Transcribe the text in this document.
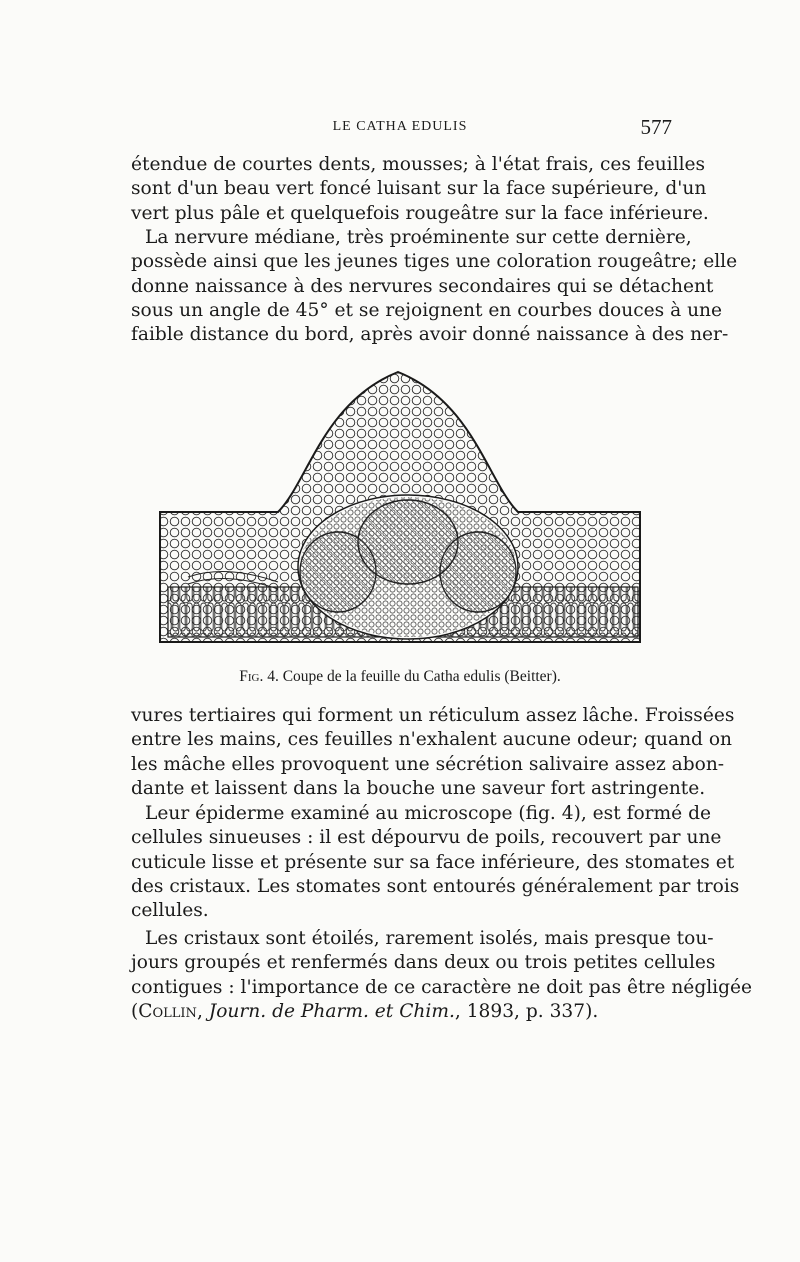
LE CATHA EDULIS	577

étendue de courtes dents, mousses; à l'état frais, ces feuilles
sont d'un beau vert foncé luisant sur la face supérieure, d'un
vert plus pâle et quelquefois rougeâtre sur la face inférieure.

La nervure médiane, très proéminente sur cette dernière,
possède ainsi que les jeunes tiges une coloration rougeâtre; elle
donne naissance à des nervures secondaires qui se détachent
sous un angle de 45° et se rejoignent en courbes douces à une
faible distance du bord, après avoir donné naissance à des ner-

Fig. 4. Coupe de la feuille du Catha edulis (Beitter).

vures tertiaires qui forment un réticulum assez lâche. Froissées
entre les mains, ces feuilles n'exhalent aucune odeur; quand on
les mâche elles provoquent une sécrétion salivaire assez abon-
dante et laissent dans la bouche une saveur fort astringente.

Leur épiderme examiné au microscope (fig. 4), est formé de
cellules sinueuses : il est dépourvu de poils, recouvert par une
cuticule lisse et présente sur sa face inférieure, des stomates et
des cristaux. Les stomates sont entourés généralement par trois
cellules.

Les cristaux sont étoilés, rarement isolés, mais presque tou-
jours groupés et renfermés dans deux ou trois petites cellules
contigues : l'importance de ce caractère ne doit pas être négligée
(Collin, Journ. de Pharm. et Chim., 1893, p. 337).
